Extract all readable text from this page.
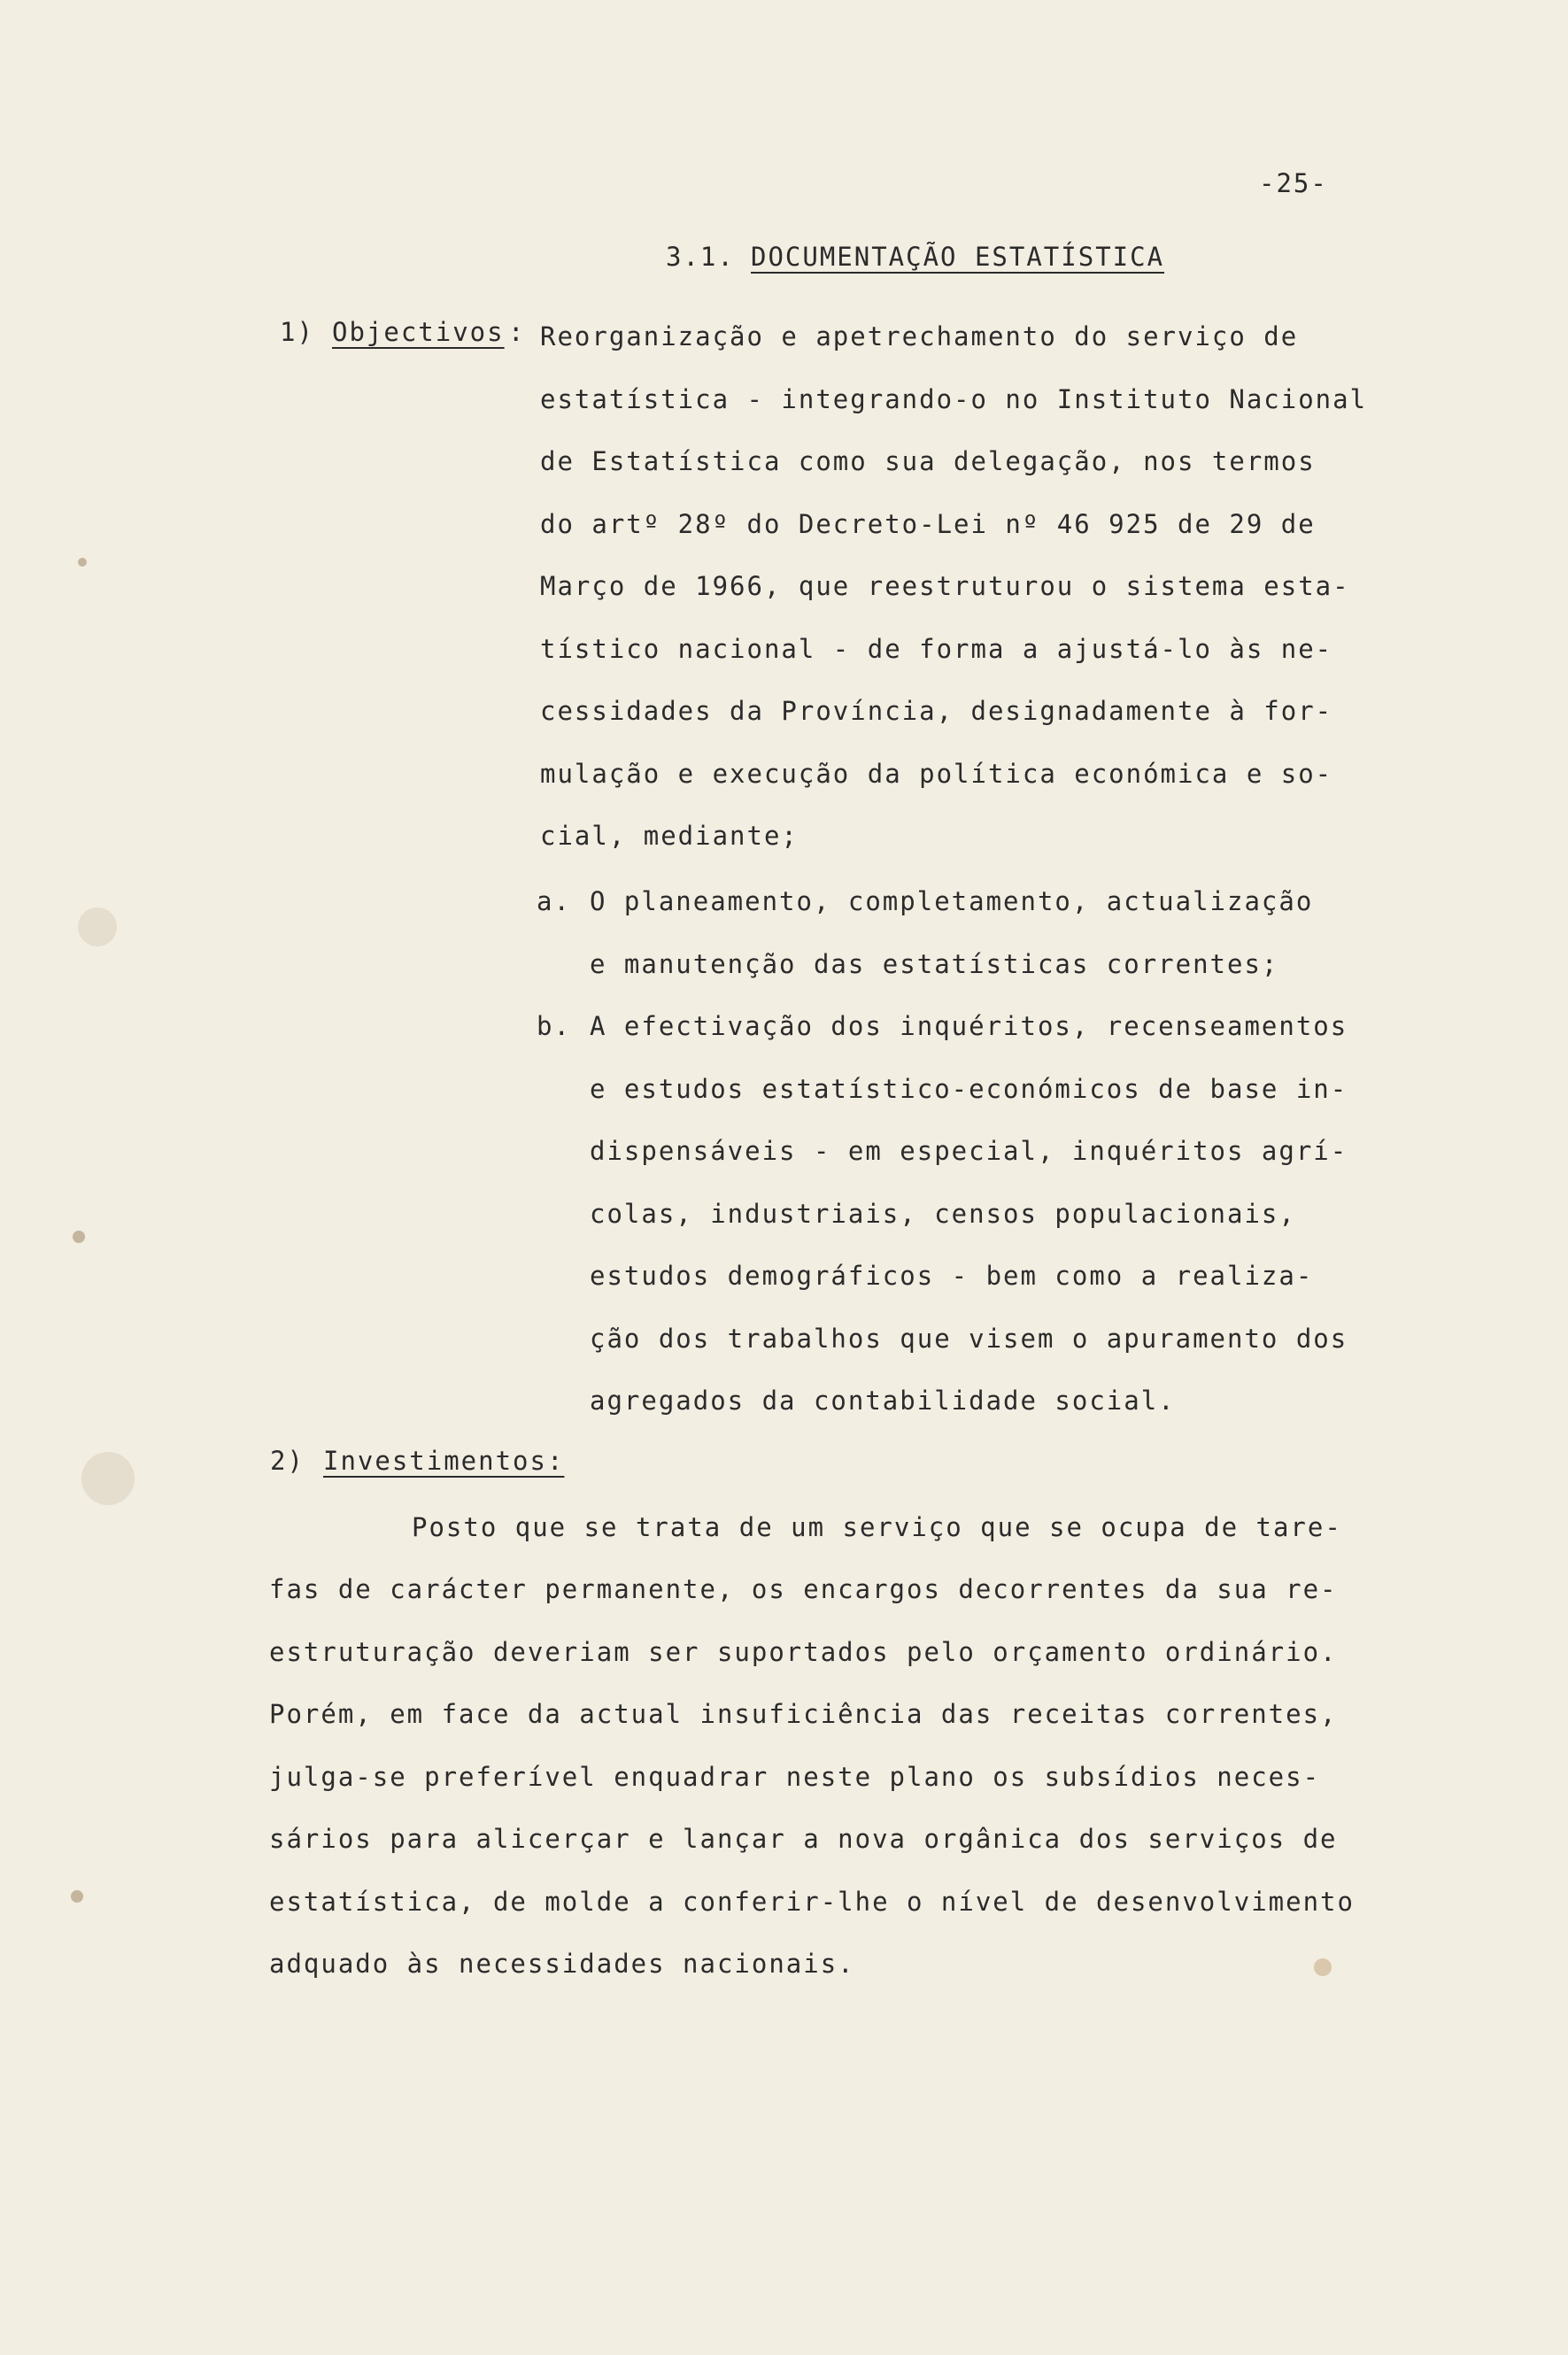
-25-
3.1. DOCUMENTAÇÃO ESTATÍSTICA
1) Objectivos : Reorganização e apetrechamento do serviço de
estatística - integrando-o no Instituto Nacional
de Estatística como sua delegação, nos termos
do artº 28º do Decreto-Lei nº 46 925 de 29 de
Março de 1966, que reestruturou o sistema esta-
tístico nacional - de forma a ajustá-lo às ne-
cessidades da Província, designadamente à for-
mulação e execução da política económica e so-
cial, mediante;
a. O planeamento, completamento, actualização
e manutenção das estatísticas correntes;
b. A efectivação dos inquéritos, recenseamentos
e estudos estatístico-económicos de base in-
dispensáveis - em especial, inquéritos agrí-
colas, industriais, censos populacionais,
estudos demográficos - bem como a realiza-
ção dos trabalhos que visem o apuramento dos
agregados da contabilidade social.
2) Investimentos:
Posto que se trata de um serviço que se ocupa de tare-
fas de carácter permanente, os encargos decorrentes da sua re-
estruturação deveriam ser suportados pelo orçamento ordinário.
Porém, em face da actual insuficiência das receitas correntes,
julga-se preferível enquadrar neste plano os subsídios neces-
sários para alicerçar e lançar a nova orgânica dos serviços de
estatística, de molde a conferir-lhe o nível de desenvolvimento
adquado às necessidades nacionais.
